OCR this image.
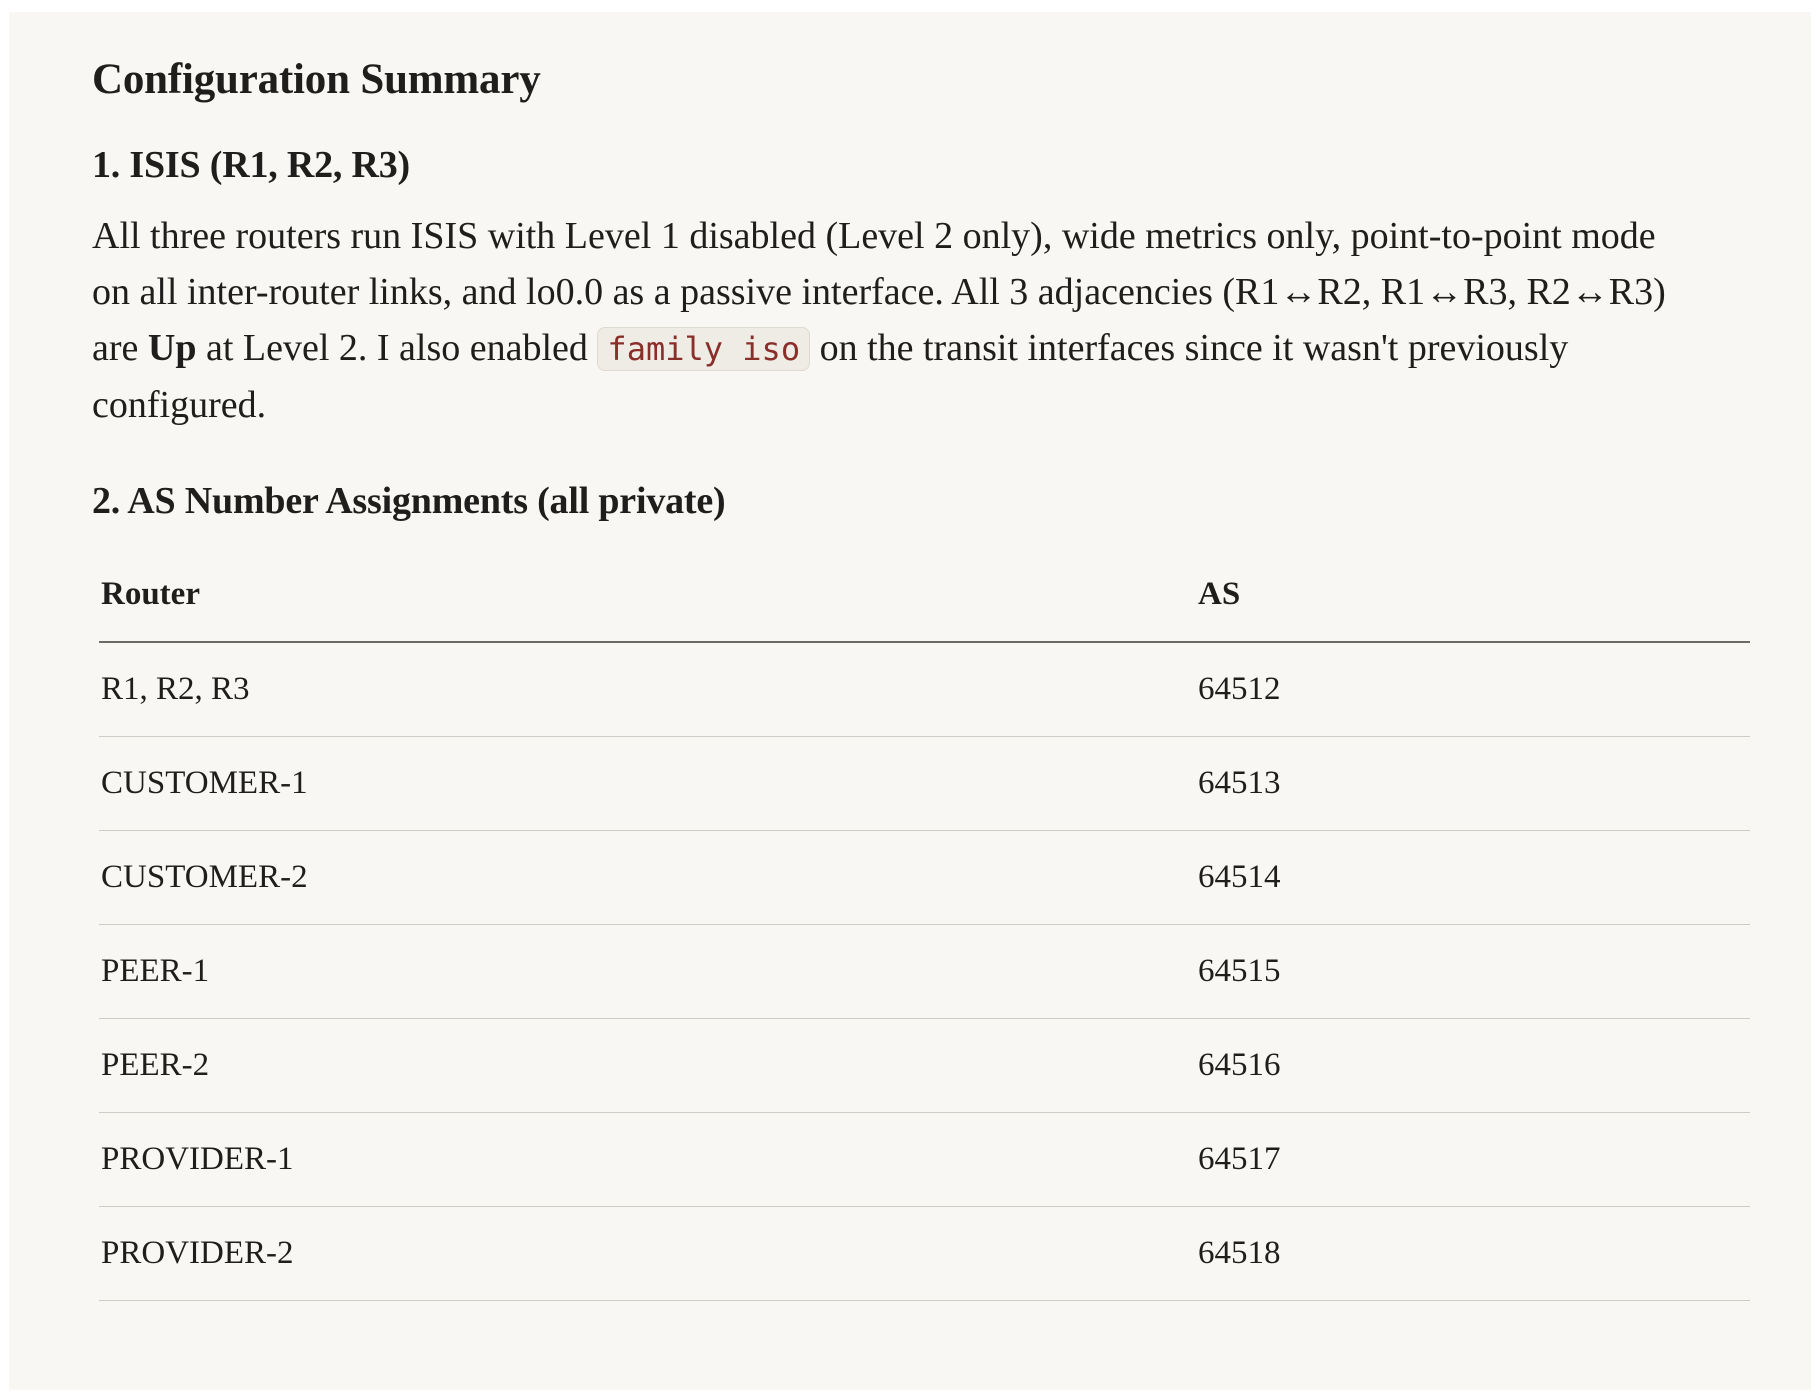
Configuration Summary
1. ISIS (R1, R2, R3)

All three routers run ISIS with Level 1 disabled (Level 2 only), wide metrics only, point-to-point mode on all inter-router links, and lo0.0 as a passive interface. All 3 adjacencies (R1↔R2, R1↔R3, R2↔R3) are Up at Level 2. I also enabled family iso on the transit interfaces since it wasn't previously configured.

2. AS Number Assignments (all private)
Router	AS
R1, R2, R3	64512
CUSTOMER-1	64513
CUSTOMER-2	64514
PEER-1	64515
PEER-2	64516
PROVIDER-1	64517
PROVIDER-2	64518
